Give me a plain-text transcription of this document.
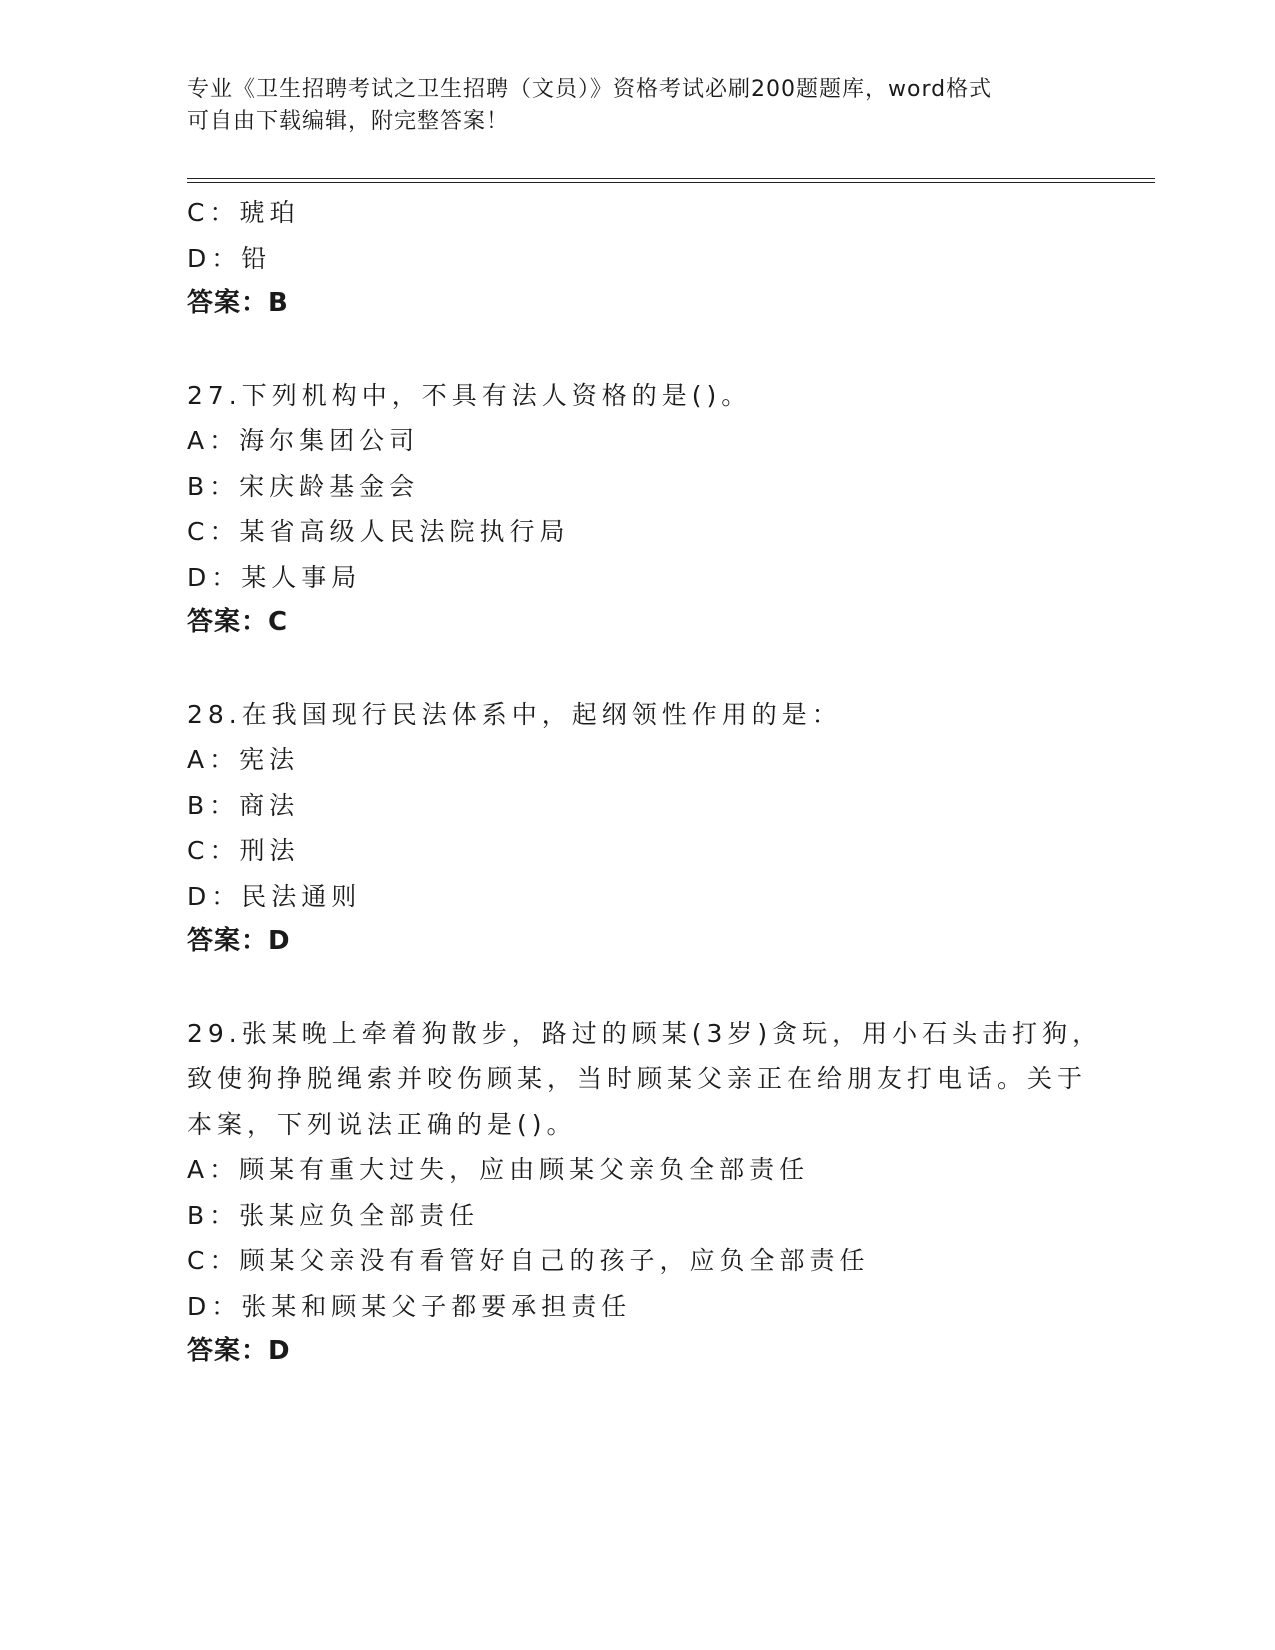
专业《卫生招聘考试之卫生招聘（文员）》资格考试必刷200题题库，word格式
可自由下载编辑，附完整答案！
C：琥珀
D：铅
答案：B
27.下列机构中，不具有法人资格的是()。
A：海尔集团公司
B：宋庆龄基金会
C：某省高级人民法院执行局
D：某人事局
答案：C
28.在我国现行民法体系中，起纲领性作用的是：
A：宪法
B：商法
C：刑法
D：民法通则
答案：D
29.张某晚上牵着狗散步，路过的顾某(3岁)贪玩，用小石头击打狗，
致使狗挣脱绳索并咬伤顾某，当时顾某父亲正在给朋友打电话。关于
本案，下列说法正确的是()。
A：顾某有重大过失，应由顾某父亲负全部责任
B：张某应负全部责任
C：顾某父亲没有看管好自己的孩子，应负全部责任
D：张某和顾某父子都要承担责任
答案：D
